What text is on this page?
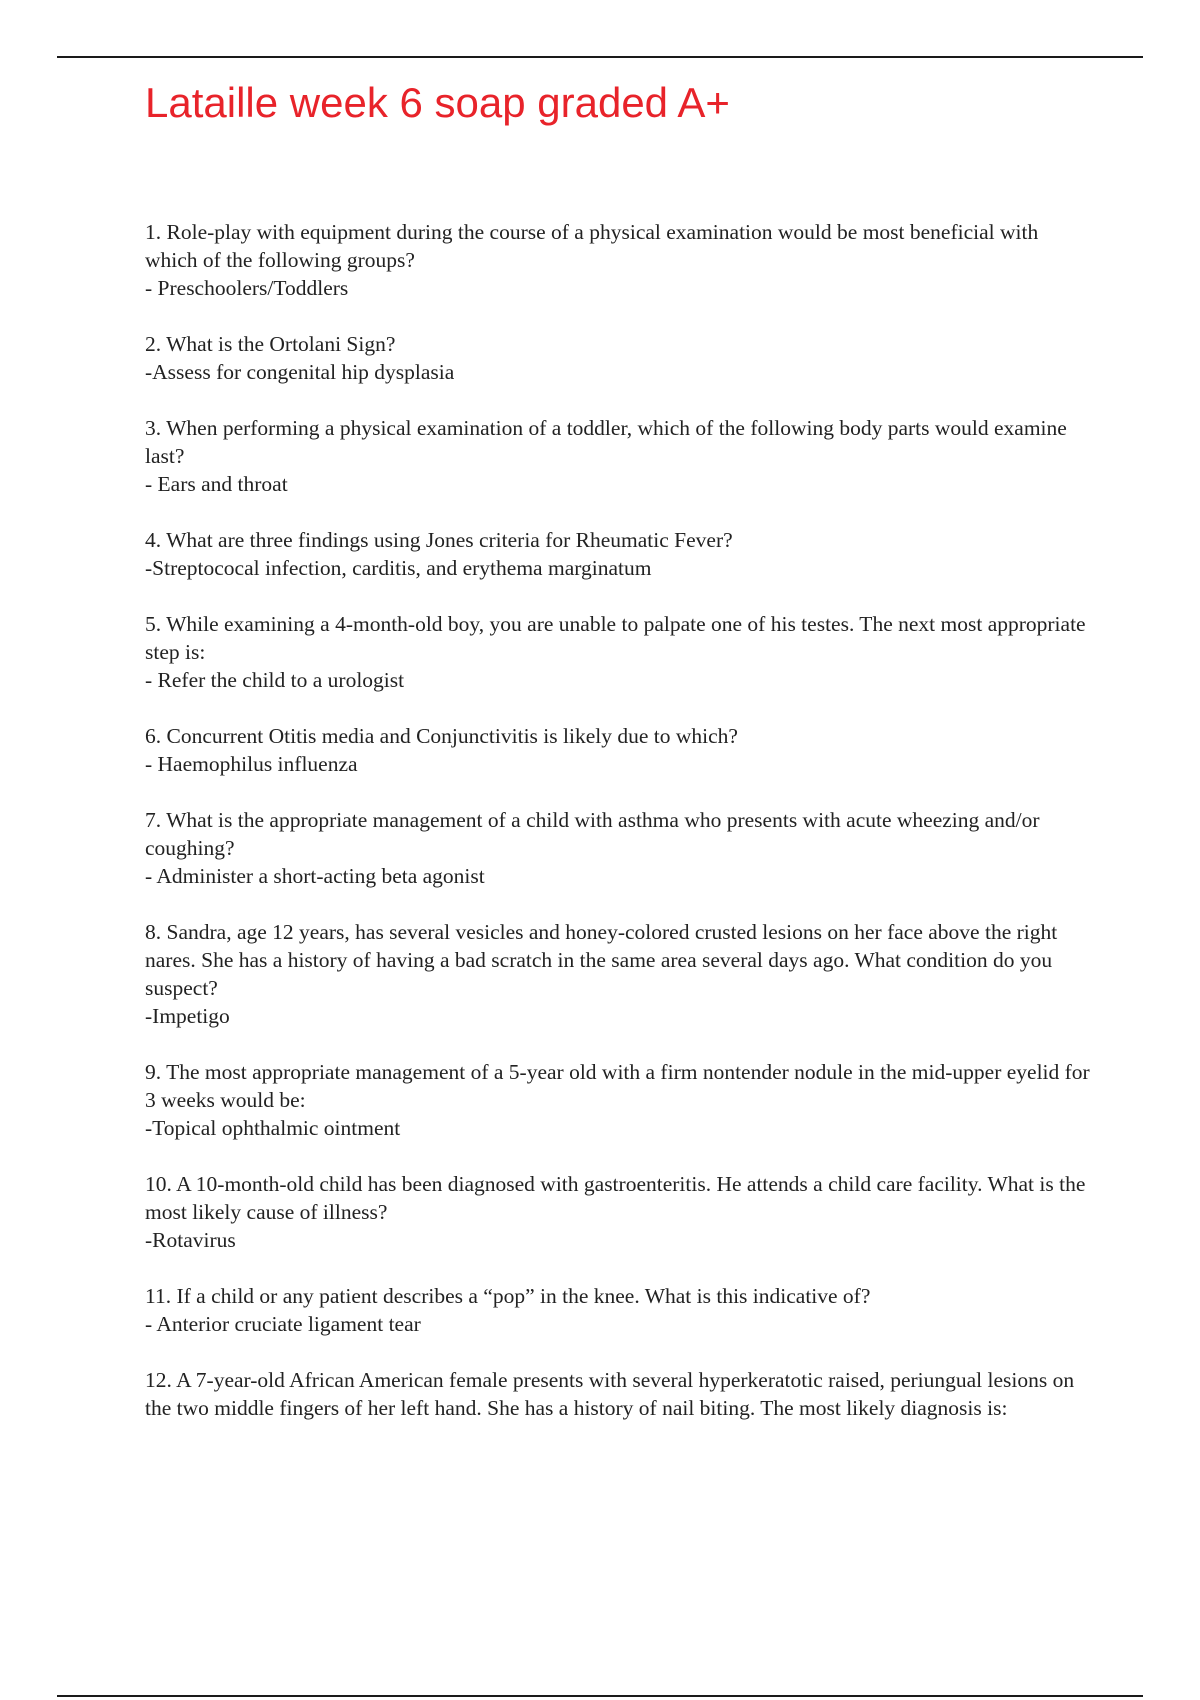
Lataille week 6 soap graded A+

1. Role-play with equipment during the course of a physical examination would be most beneficial with which of the following groups?

- Preschoolers/Toddlers

2. What is the Ortolani Sign?

-Assess for congenital hip dysplasia

3. When performing a physical examination of a toddler, which of the following body parts would examine last?

- Ears and throat

4. What are three findings using Jones criteria for Rheumatic Fever?

-Streptococal infection, carditis, and erythema marginatum

5. While examining a 4-month-old boy, you are unable to palpate one of his testes. The next most appropriate step is:

- Refer the child to a urologist

6. Concurrent Otitis media and Conjunctivitis is likely due to which?

- Haemophilus influenza

7. What is the appropriate management of a child with asthma who presents with acute wheezing and/or coughing?

- Administer a short-acting beta agonist

8. Sandra, age 12 years, has several vesicles and honey-colored crusted lesions on her face above the right nares. She has a history of having a bad scratch in the same area several days ago. What condition do you suspect?

-Impetigo

9. The most appropriate management of a 5-year old with a firm nontender nodule in the mid-upper eyelid for 3 weeks would be:

-Topical ophthalmic ointment

10. A 10-month-old child has been diagnosed with gastroenteritis. He attends a child care facility. What is the most likely cause of illness?

-Rotavirus

11. If a child or any patient describes a “pop” in the knee. What is this indicative of?

- Anterior cruciate ligament tear

12. A 7-year-old African American female presents with several hyperkeratotic raised, periungual lesions on the two middle fingers of her left hand. She has a history of nail biting. The most likely diagnosis is:
